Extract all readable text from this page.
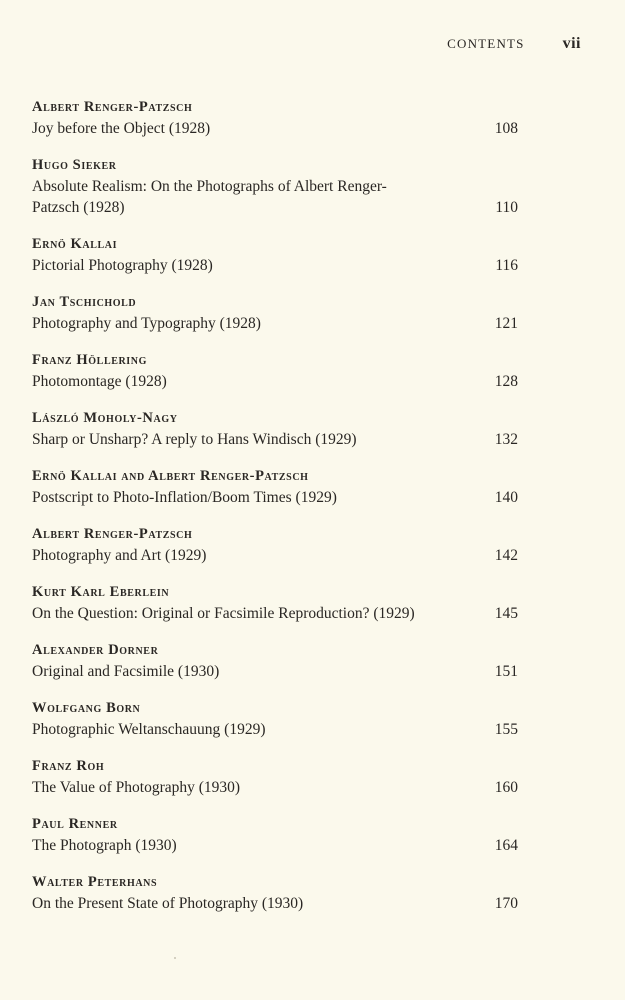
CONTENTS vii
Albert Renger-Patzsch
Joy before the Object (1928)	108
Hugo Sieker
Absolute Realism: On the Photographs of Albert Renger-Patzsch (1928)	110
Ernö Kallai
Pictorial Photography (1928)	116
Jan Tschichold
Photography and Typography (1928)	121
Franz Höllering
Photomontage (1928)	128
László Moholy-Nagy
Sharp or Unsharp? A reply to Hans Windisch (1929)	132
Ernö Kallai and Albert Renger-Patzsch
Postscript to Photo-Inflation/Boom Times (1929)	140
Albert Renger-Patzsch
Photography and Art (1929)	142
Kurt Karl Eberlein
On the Question: Original or Facsimile Reproduction? (1929)	145
Alexander Dorner
Original and Facsimile (1930)	151
Wolfgang Born
Photographic Weltanschauung (1929)	155
Franz Roh
The Value of Photography (1930)	160
Paul Renner
The Photograph (1930)	164
Walter Peterhans
On the Present State of Photography (1930)	170
